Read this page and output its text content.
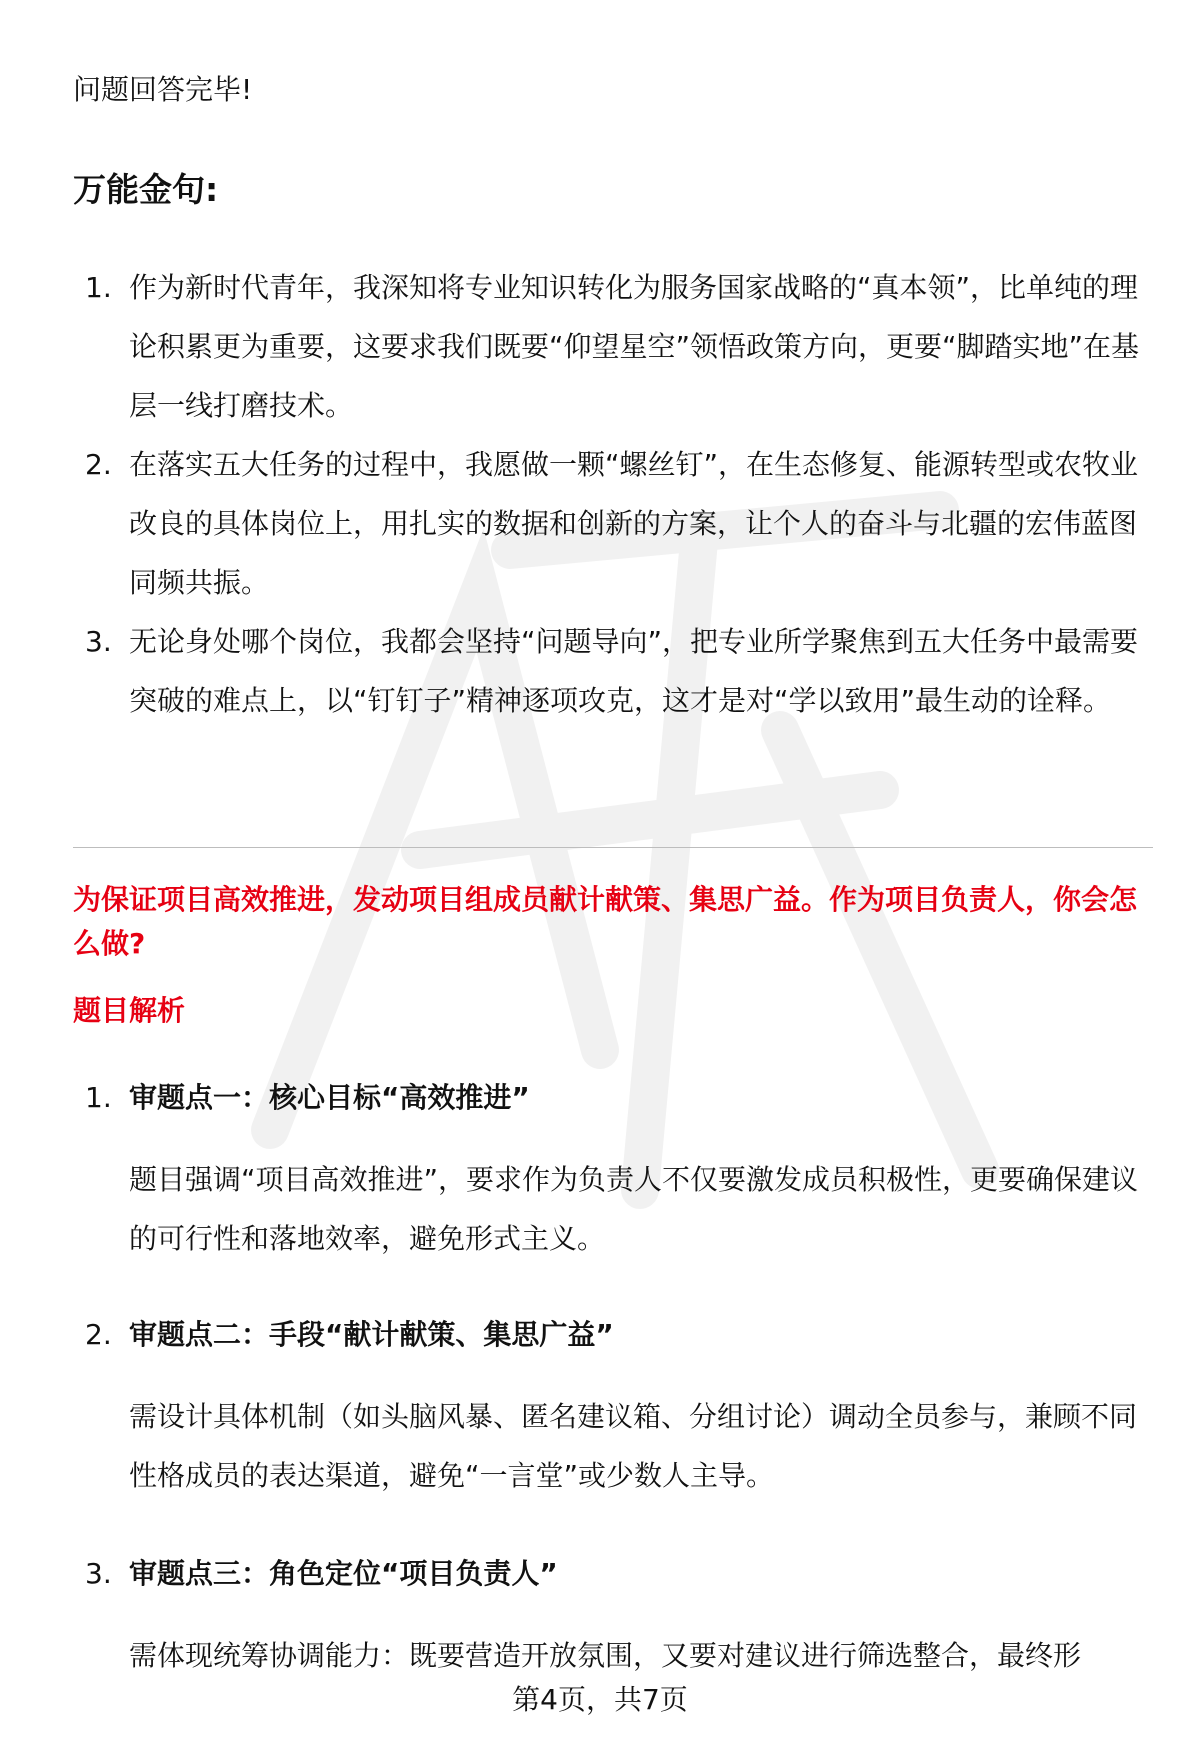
问题回答完毕!
万能金句:
1. 作为新时代青年，我深知将专业知识转化为服务国家战略的“真本领”，比单纯的理论积累更为重要，这要求我们既要“仰望星空”领悟政策方向，更要“脚踏实地”在基层一线打磨技术。
2. 在落实五大任务的过程中，我愿做一颗“螺丝钉”，在生态修复、能源转型或农牧业改良的具体岗位上，用扎实的数据和创新的方案，让个人的奋斗与北疆的宏伟蓝图同频共振。
3. 无论身处哪个岗位，我都会坚持“问题导向”，把专业所学聚焦到五大任务中最需要突破的难点上，以“钉钉子”精神逐项攻克，这才是对“学以致用”最生动的诠释。
为保证项目高效推进，发动项目组成员献计献策、集思广益。作为项目负责人，你会怎么做?
题目解析
1. 审题点一：核心目标“高效推进”
题目强调“项目高效推进”，要求作为负责人不仅要激发成员积极性，更要确保建议的可行性和落地效率，避免形式主义。
2. 审题点二：手段“献计献策、集思广益”
需设计具体机制（如头脑风暴、匿名建议箱、分组讨论）调动全员参与，兼顾不同性格成员的表达渠道，避免“一言堂”或少数人主导。
3. 审题点三：角色定位“项目负责人”
需体现统筹协调能力：既要营造开放氛围，又要对建议进行筛选整合，最终形
第4页，共7页
